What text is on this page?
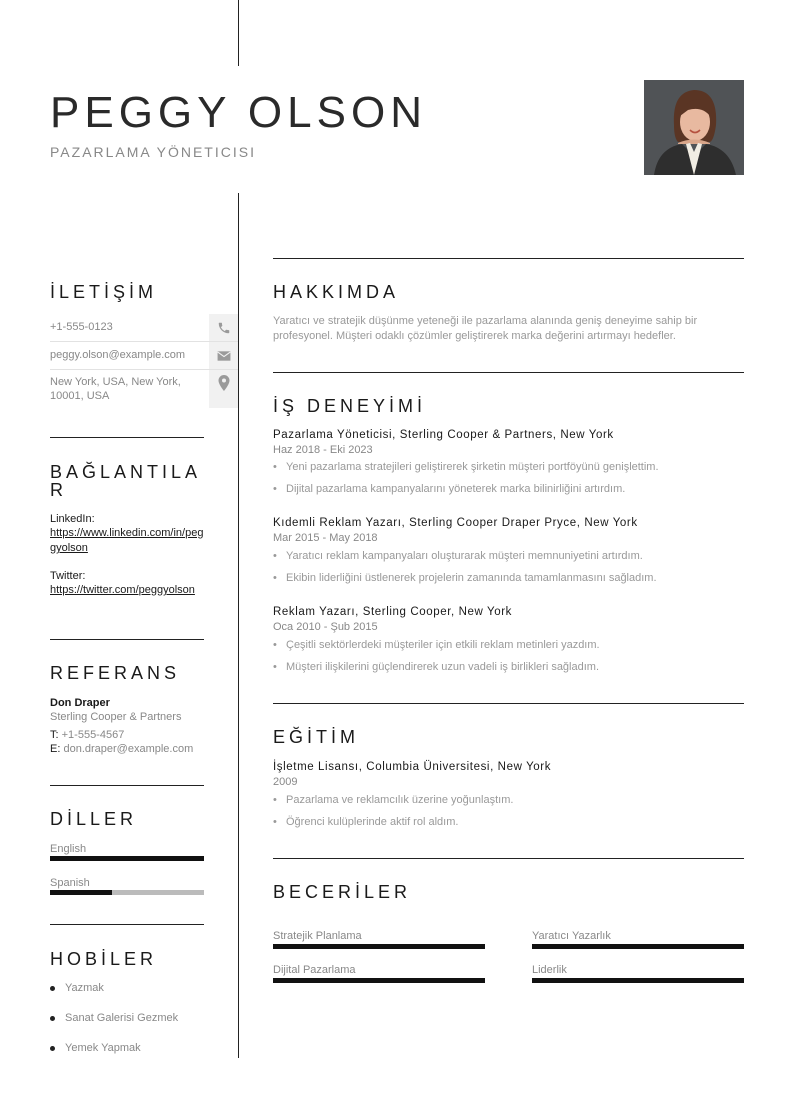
PEGGY OLSON
PAZARLAMA YÖNETICISI
İLETİŞİM
+1-555-0123
peggy.olson@example.com
New York, USA, New York, 10001, USA
BAĞLANTILAR
LinkedIn:
https://www.linkedin.com/in/peggyolson
Twitter:
https://twitter.com/peggyolson
REFERANS
Don Draper
Sterling Cooper & Partners
T: +1-555-4567
E: don.draper@example.com
DİLLER
English
Spanish
HOBİLER
Yazmak
Sanat Galerisi Gezmek
Yemek Yapmak
HAKKIMDA
Yaratıcı ve stratejik düşünme yeteneği ile pazarlama alanında geniş deneyime sahip bir profesyonel. Müşteri odaklı çözümler geliştirerek marka değerini artırmayı hedefler.
İŞ DENEYİMİ
Pazarlama Yöneticisi, Sterling Cooper & Partners, New York
Haz 2018 - Eki 2023
Yeni pazarlama stratejileri geliştirerek şirketin müşteri portföyünü genişlettim.
Dijital pazarlama kampanyalarını yöneterek marka bilinirliğini artırdım.
Kıdemli Reklam Yazarı, Sterling Cooper Draper Pryce, New York
Mar 2015 - May 2018
Yaratıcı reklam kampanyaları oluşturarak müşteri memnuniyetini artırdım.
Ekibin liderliğini üstlenerek projelerin zamanında tamamlanmasını sağladım.
Reklam Yazarı, Sterling Cooper, New York
Oca 2010 - Şub 2015
Çeşitli sektörlerdeki müşteriler için etkili reklam metinleri yazdım.
Müşteri ilişkilerini güçlendirerek uzun vadeli iş birlikleri sağladım.
EĞİTİM
İşletme Lisansı, Columbia Üniversitesi, New York
2009
Pazarlama ve reklamcılık üzerine yoğunlaştım.
Öğrenci kulüplerinde aktif rol aldım.
BECERİLER
Stratejik Planlama	Yaratıcı Yazarlık
Dijital Pazarlama	Liderlik
